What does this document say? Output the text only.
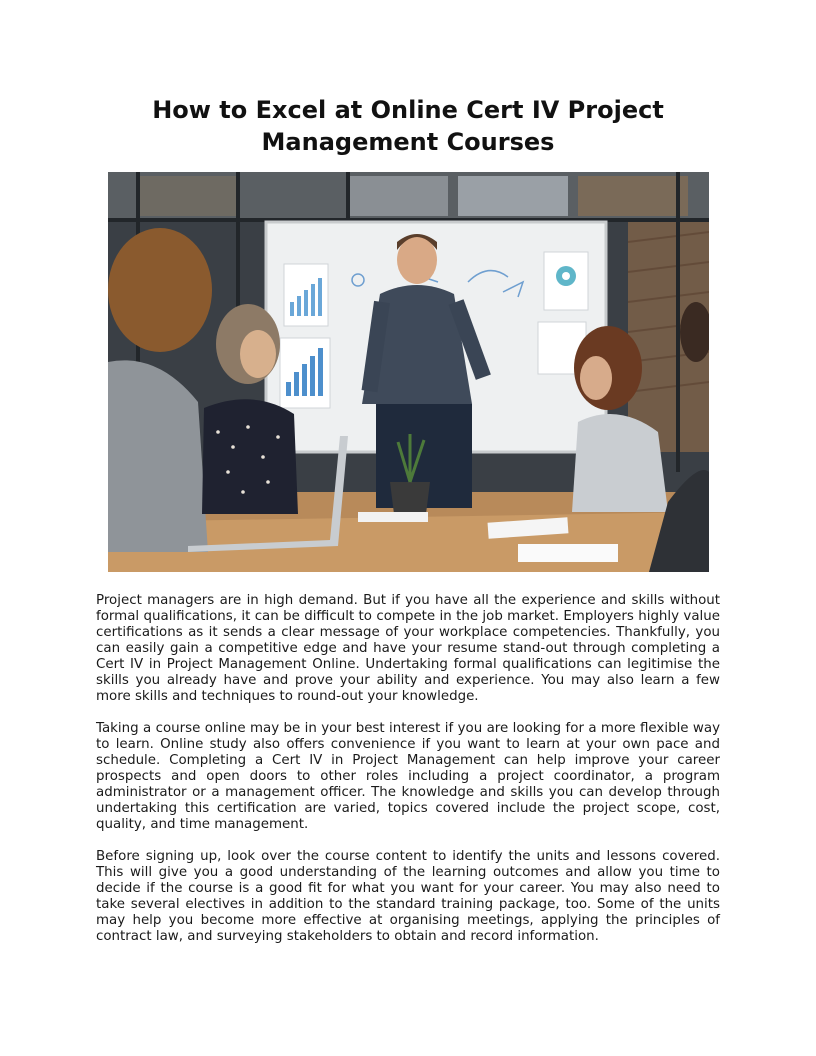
How to Excel at Online Cert IV Project Management Courses

Project managers are in high demand. But if you have all the experience and skills without formal qualifications, it can be difficult to compete in the job market. Employers highly value certifications as it sends a clear message of your workplace competencies. Thankfully, you can easily gain a competitive edge and have your resume stand-out through completing a Cert IV in Project Management Online. Undertaking formal qualifications can legitimise the skills you already have and prove your ability and experience. You may also learn a few more skills and techniques to round-out your knowledge.

Taking a course online may be in your best interest if you are looking for a more flexible way to learn. Online study also offers convenience if you want to learn at your own pace and schedule. Completing a Cert IV in Project Management can help improve your career prospects and open doors to other roles including a project coordinator, a program administrator or a management officer. The knowledge and skills you can develop through undertaking this certification are varied, topics covered include the project scope, cost, quality, and time management.

Before signing up, look over the course content to identify the units and lessons covered. This will give you a good understanding of the learning outcomes and allow you time to decide if the course is a good fit for what you want for your career. You may also need to take several electives in addition to the standard training package, too. Some of the units may help you become more effective at organising meetings, applying the principles of contract law, and surveying stakeholders to obtain and record information.
